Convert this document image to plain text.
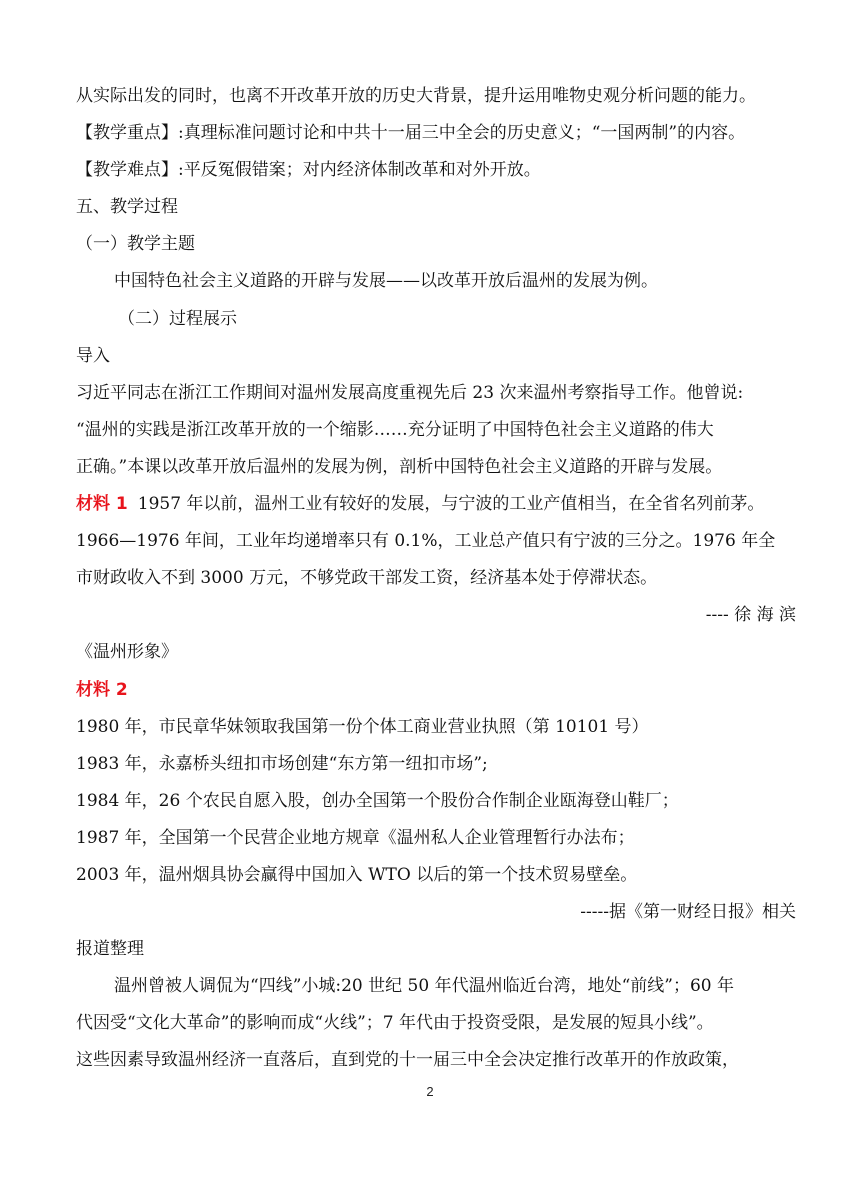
从实际出发的同时，也离不开改革开放的历史大背景，提升运用唯物史观分析问题的能力。
【教学重点】:真理标准问题讨论和中共十一届三中全会的历史意义；“一国两制”的内容。
【教学难点】:平反冤假错案；对内经济体制改革和对外开放。
五、教学过程
（一）教学主题
中国特色社会主义道路的开辟与发展——以改革开放后温州的发展为例。
（二）过程展示
导入
习近平同志在浙江工作期间对温州发展高度重视先后 23 次来温州考察指导工作。他曾说:
“温州的实践是浙江改革开放的一个缩影……充分证明了中国特色社会主义道路的伟大
正确。”本课以改革开放后温州的发展为例，剖析中国特色社会主义道路的开辟与发展。
材料 1 1957 年以前，温州工业有较好的发展，与宁波的工业产值相当，在全省名列前茅。
1966—1976 年间，工业年均递增率只有 0.1%，工业总产值只有宁波的三分之。1976 年全
市财政收入不到 3000 万元，不够党政干部发工资，经济基本处于停滞状态。
---- 徐 海 滨
《温州形象》
材料 2
1980 年，市民章华妹领取我国第一份个体工商业营业执照（第 10101 号）
1983 年，永嘉桥头纽扣市场创建“东方第一纽扣市场”;
1984 年，26 个农民自愿入股，创办全国第一个股份合作制企业瓯海登山鞋厂；
1987 年，全国第一个民营企业地方规章《温州私人企业管理暂行办法布；
2003 年，温州烟具协会赢得中国加入 WTO 以后的第一个技术贸易壁垒。
-----据《第一财经日报》相关
报道整理
温州曾被人调侃为“四线”小城:20 世纪 50 年代温州临近台湾，地处“前线”；60 年
代因受“文化大革命”的影响而成“火线”；7 年代由于投资受限，是发展的短具小线”。
这些因素导致温州经济一直落后，直到党的十一届三中全会决定推行改革开的作放政策，
2
